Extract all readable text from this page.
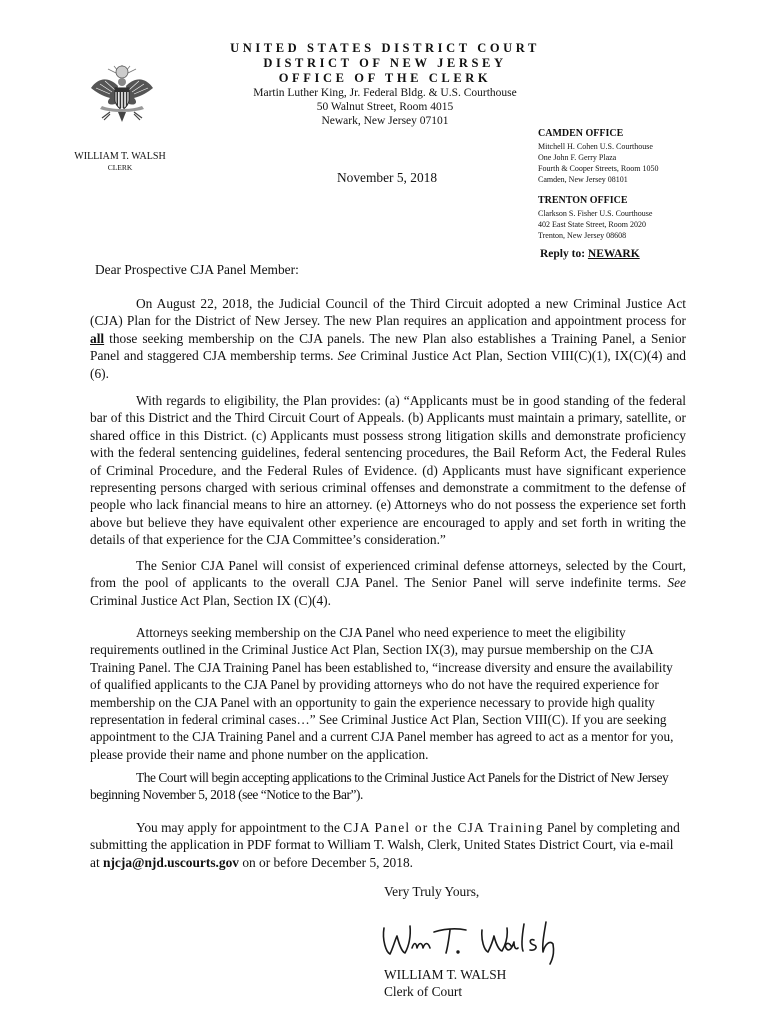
UNITED STATES DISTRICT COURT
DISTRICT OF NEW JERSEY
OFFICE OF THE CLERK
Martin Luther King, Jr. Federal Bldg. & U.S. Courthouse
50 Walnut Street, Room 4015
Newark, New Jersey 07101
WILLIAM T. WALSH
CLERK
November 5, 2018
CAMDEN OFFICE
Mitchell H. Cohen U.S. Courthouse
One John F. Gerry Plaza
Fourth & Cooper Streets, Room 1050
Camden, New Jersey 08101
TRENTON OFFICE
Clarkson S. Fisher U.S. Courthouse
402 East State Street, Room 2020
Trenton, New Jersey 08608
Reply to: NEWARK
Dear Prospective CJA Panel Member:
On August 22, 2018, the Judicial Council of the Third Circuit adopted a new Criminal Justice Act (CJA) Plan for the District of New Jersey. The new Plan requires an application and appointment process for all those seeking membership on the CJA panels. The new Plan also establishes a Training Panel, a Senior Panel and staggered CJA membership terms. See Criminal Justice Act Plan, Section VIII(C)(1), IX(C)(4) and (6).
With regards to eligibility, the Plan provides: (a) “Applicants must be in good standing of the federal bar of this District and the Third Circuit Court of Appeals. (b) Applicants must maintain a primary, satellite, or shared office in this District. (c) Applicants must possess strong litigation skills and demonstrate proficiency with the federal sentencing guidelines, federal sentencing procedures, the Bail Reform Act, the Federal Rules of Criminal Procedure, and the Federal Rules of Evidence. (d) Applicants must have significant experience representing persons charged with serious criminal offenses and demonstrate a commitment to the defense of people who lack financial means to hire an attorney. (e) Attorneys who do not possess the experience set forth above but believe they have equivalent other experience are encouraged to apply and set forth in writing the details of that experience for the CJA Committee’s consideration.”
The Senior CJA Panel will consist of experienced criminal defense attorneys, selected by the Court, from the pool of applicants to the overall CJA Panel. The Senior Panel will serve indefinite terms. See Criminal Justice Act Plan, Section IX (C)(4).
Attorneys seeking membership on the CJA Panel who need experience to meet the eligibility requirements outlined in the Criminal Justice Act Plan, Section IX(3), may pursue membership on the CJA Training Panel. The CJA Training Panel has been established to, “increase diversity and ensure the availability of qualified applicants to the CJA Panel by providing attorneys who do not have the required experience for membership on the CJA Panel with an opportunity to gain the experience necessary to provide high quality representation in federal criminal cases…” See Criminal Justice Act Plan, Section VIII(C). If you are seeking appointment to the CJA Training Panel and a current CJA Panel member has agreed to act as a mentor for you, please provide their name and phone number on the application.
The Court will begin accepting applications to the Criminal Justice Act Panels for the District of New Jersey beginning November 5, 2018 (see “Notice to the Bar”).
You may apply for appointment to the CJA Panel or the CJA Training Panel by completing and submitting the application in PDF format to William T. Walsh, Clerk, United States District Court, via e-mail at njcja@njd.uscourts.gov on or before December 5, 2018.
Very Truly Yours,
WILLIAM T. WALSH
Clerk of Court
